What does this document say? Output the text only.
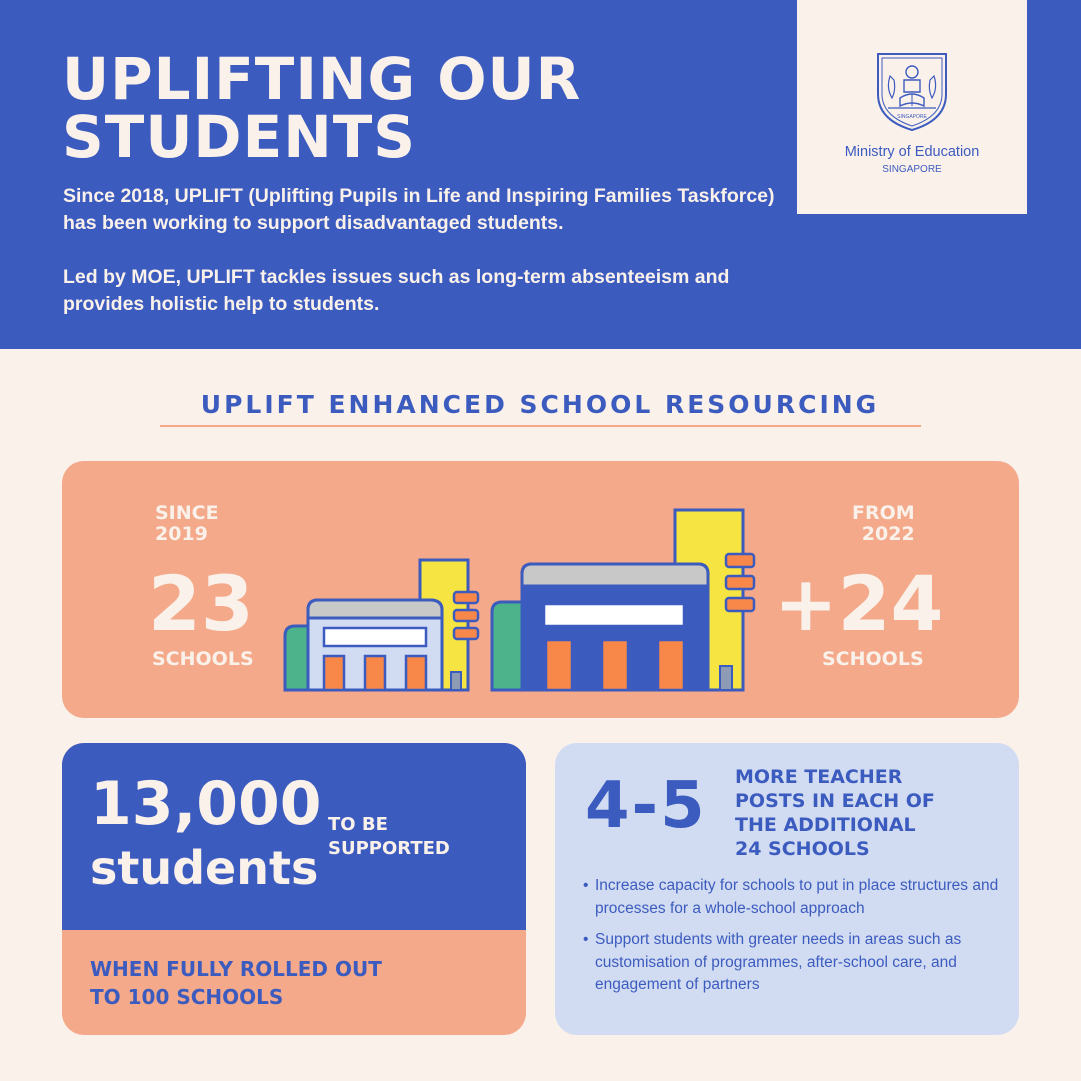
UPLIFTING OUR
STUDENTS

Since 2018, UPLIFT (Uplifting Pupils in Life and Inspiring Families Taskforce) has been working to support disadvantaged students.

Led by MOE, UPLIFT tackles issues such as long-term absenteeism and provides holistic help to students.

SINGAPORE
Ministry of Education
SINGAPORE
UPLIFT ENHANCED SCHOOL RESOURCING
SINCE
2019
23
SCHOOLS
FROM
2022
+24
SCHOOLS
13,000
students
TO BE
SUPPORTED
WHEN FULLY ROLLED OUT
TO 100 SCHOOLS
4-5 MORE TEACHER
POSTS IN EACH OF
THE ADDITIONAL
24 SCHOOLS
• Increase capacity for schools to put in place structures and processes for a whole-school approach
• Support students with greater needs in areas such as customisation of programmes, after-school care, and engagement of partners
